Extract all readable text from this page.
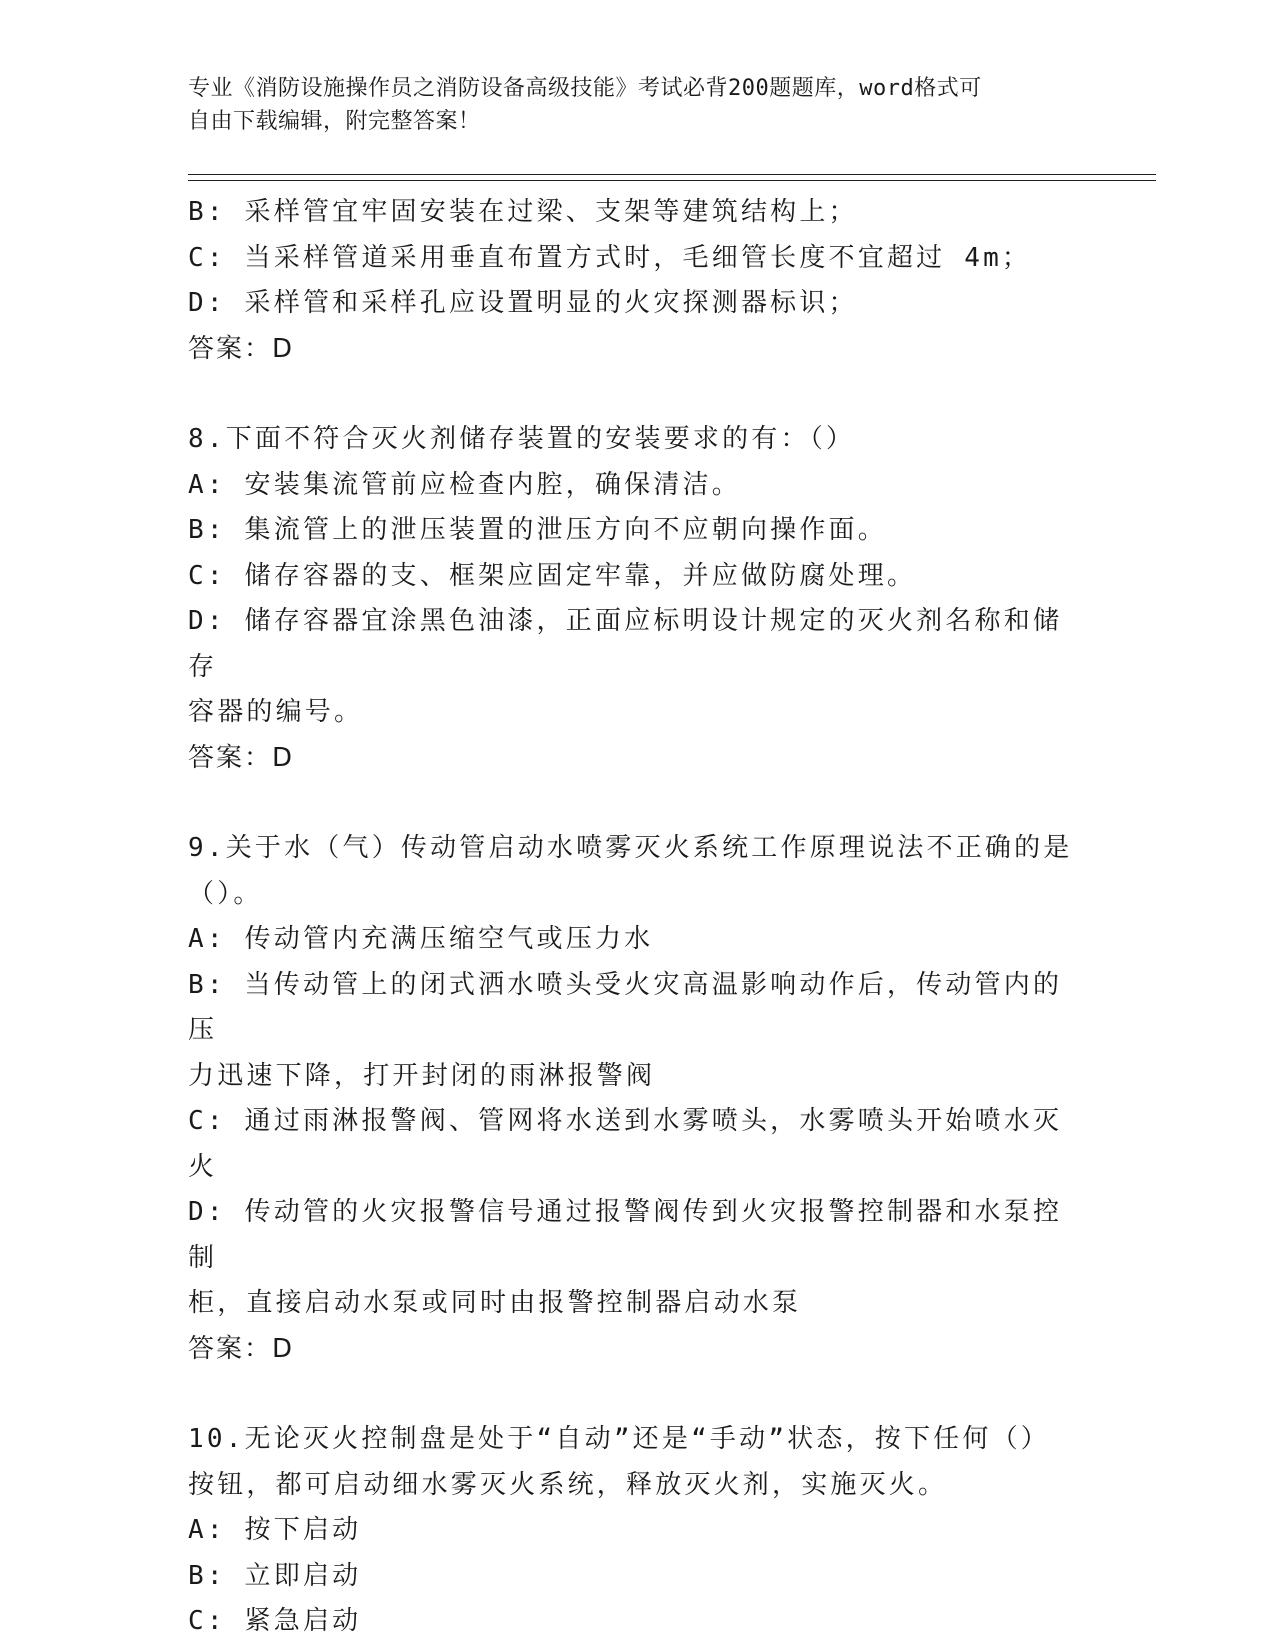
专业《消防设施操作员之消防设备高级技能》考试必背200题题库，word格式可
自由下载编辑，附完整答案！
B: 采样管宜牢固安装在过梁、支架等建筑结构上；
C: 当采样管道采用垂直布置方式时，毛细管长度不宜超过 4m；
D: 采样管和采样孔应设置明显的火灾探测器标识；
答案：D
8.下面不符合灭火剂储存装置的安装要求的有：（）
A: 安装集流管前应检查内腔，确保清洁。
B: 集流管上的泄压装置的泄压方向不应朝向操作面。
C: 储存容器的支、框架应固定牢靠，并应做防腐处理。
D: 储存容器宜涂黑色油漆，正面应标明设计规定的灭火剂名称和储存
容器的编号。
答案：D
9.关于水（气）传动管启动水喷雾灭火系统工作原理说法不正确的是
（）。
A: 传动管内充满压缩空气或压力水
B: 当传动管上的闭式洒水喷头受火灾高温影响动作后，传动管内的压
力迅速下降，打开封闭的雨淋报警阀
C: 通过雨淋报警阀、管网将水送到水雾喷头，水雾喷头开始喷水灭火
D: 传动管的火灾报警信号通过报警阀传到火灾报警控制器和水泵控制
柜，直接启动水泵或同时由报警控制器启动水泵
答案：D
10.无论灭火控制盘是处于“自动”还是“手动”状态，按下任何（）
按钮，都可启动细水雾灭火系统，释放灭火剂，实施灭火。
A: 按下启动
B: 立即启动
C: 紧急启动
